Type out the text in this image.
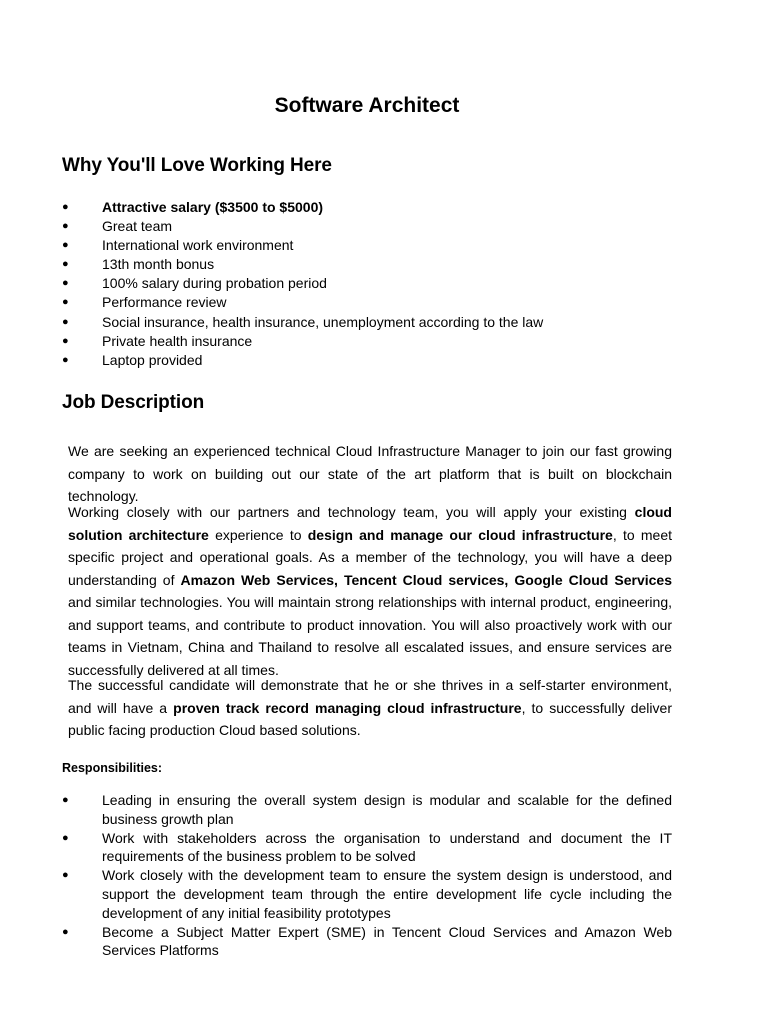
Software Architect
Why You'll Love Working Here
● Attractive salary ($3500 to $5000)
● Great team
● International work environment
● 13th month bonus
● 100% salary during probation period
● Performance review
● Social insurance, health insurance, unemployment according to the law
● Private health insurance
● Laptop provided
Job Description

We are seeking an experienced technical Cloud Infrastructure Manager to join our fast growing company to work on building out our state of the art platform that is built on blockchain technology.

Working closely with our partners and technology team, you will apply your existing cloud solution architecture experience to design and manage our cloud infrastructure, to meet specific project and operational goals. As a member of the technology, you will have a deep understanding of Amazon Web Services, Tencent Cloud services, Google Cloud Services and similar technologies. You will maintain strong relationships with internal product, engineering, and support teams, and contribute to product innovation. You will also proactively work with our teams in Vietnam, China and Thailand to resolve all escalated issues, and ensure services are successfully delivered at all times.

The successful candidate will demonstrate that he or she thrives in a self-starter environment, and will have a proven track record managing cloud infrastructure, to successfully deliver public facing production Cloud based solutions.

Responsibilities:
● Leading in ensuring the overall system design is modular and scalable for the defined business growth plan
● Work with stakeholders across the organisation to understand and document the IT requirements of the business problem to be solved
● Work closely with the development team to ensure the system design is understood, and support the development team through the entire development life cycle including the development of any initial feasibility prototypes
● Become a Subject Matter Expert (SME) in Tencent Cloud Services and Amazon Web Services Platforms
